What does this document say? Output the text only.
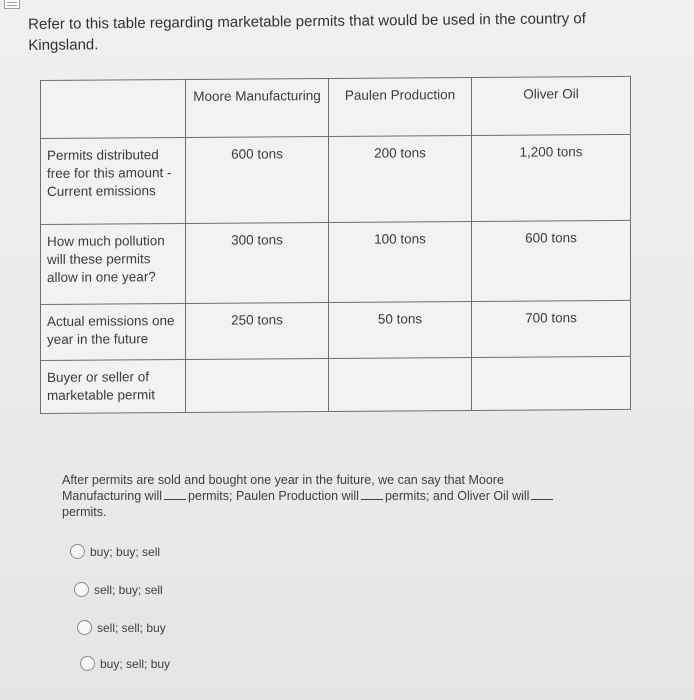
Refer to this table regarding marketable permits that would be used in the country of Kingsland.
	Moore Manufacturing	Paulen Production	Oliver Oil
Permits distributed free for this amount - Current emissions	600 tons	200 tons	1,200 tons
How much pollution will these permits allow in one year?	300 tons	100 tons	600 tons
Actual emissions one year in the future	250 tons	50 tons	700 tons
Buyer or seller of marketable permit			
After permits are sold and bought one year in the fuiture, we can say that Moore Manufacturing will permits; Paulen Production will permits; and Oliver Oil willpermits.
buy; buy; sell
sell; buy; sell
sell; sell; buy
buy; sell; buy
